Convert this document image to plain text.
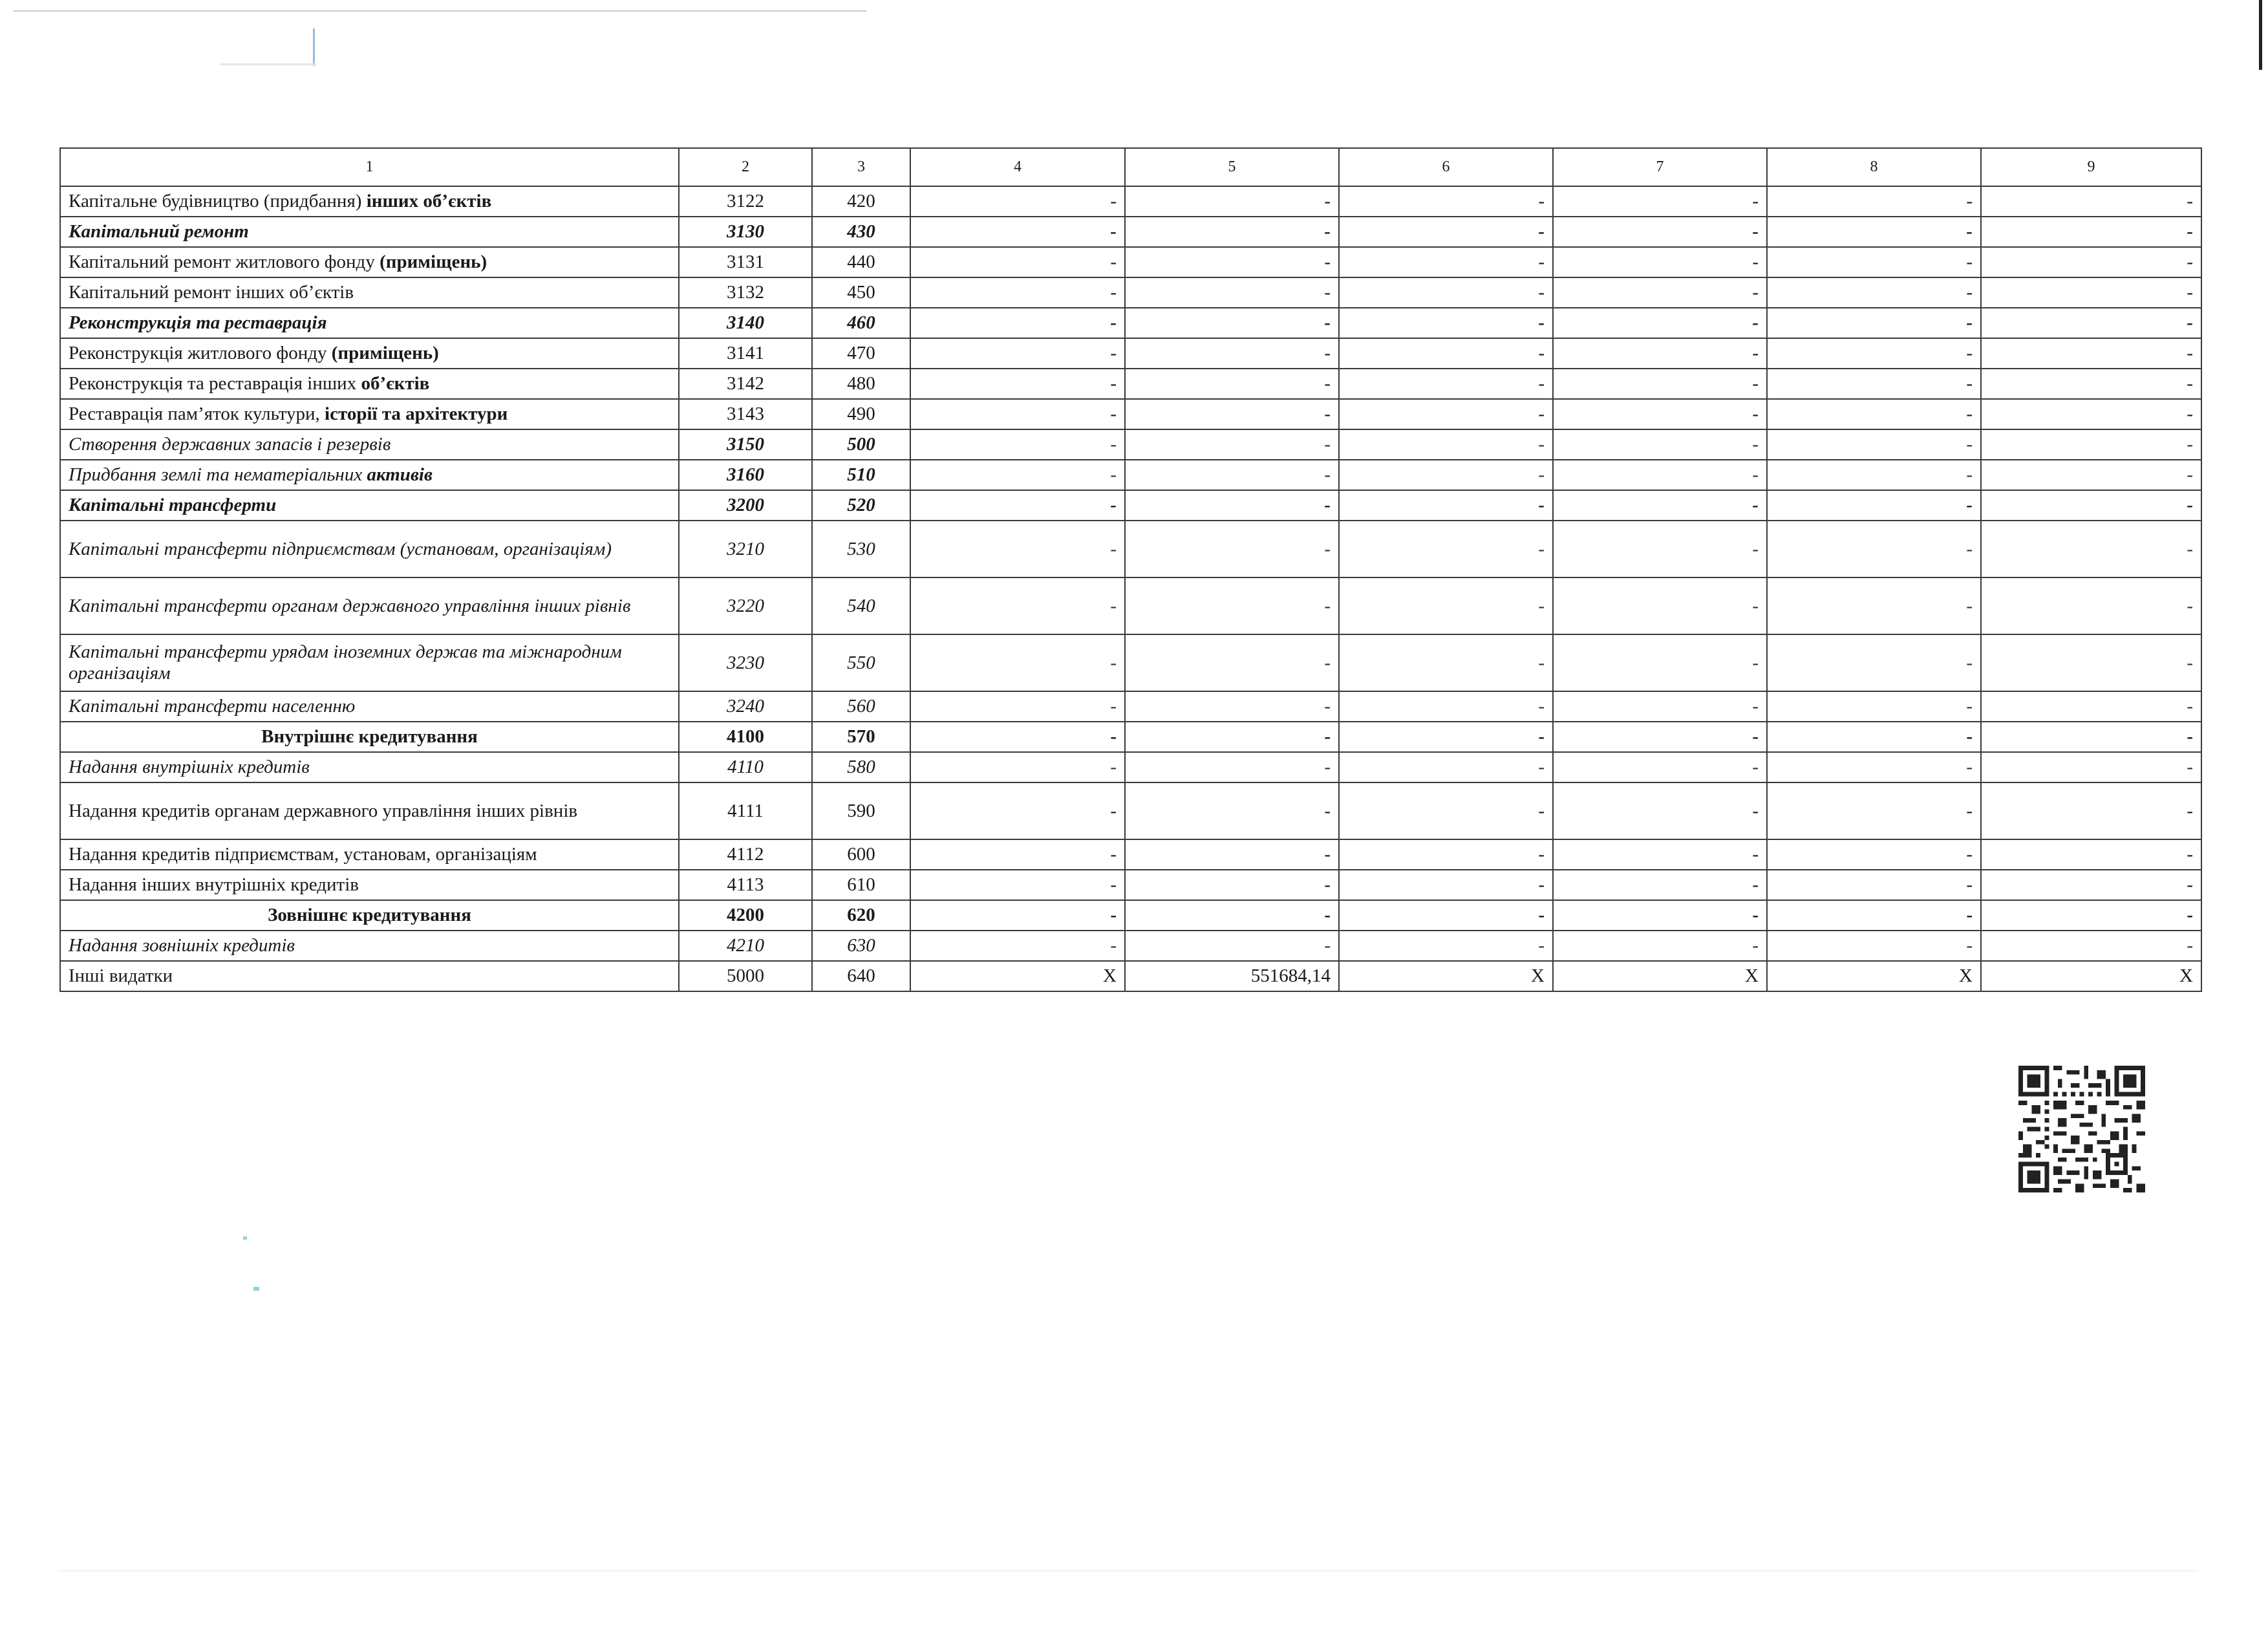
1	2	3	4	5	6	7	8	9
Капітальне будівництво (придбання) інших об’єктів	3122	420	-	-	-	-	-	-
Капітальний ремонт	3130	430	-	-	-	-	-	-
Капітальний ремонт житлового фонду (приміщень)	3131	440	-	-	-	-	-	-
Капітальний ремонт інших об’єктів	3132	450	-	-	-	-	-	-
Реконструкція та реставрація	3140	460	-	-	-	-	-	-
Реконструкція житлового фонду (приміщень)	3141	470	-	-	-	-	-	-
Реконструкція та реставрація інших об’єктів	3142	480	-	-	-	-	-	-
Реставрація пам’яток культури, історії та архітектури	3143	490	-	-	-	-	-	-
Створення державних запасів і резервів	3150	500	-	-	-	-	-	-
Придбання землі та нематеріальних активів	3160	510	-	-	-	-	-	-
Капітальні трансферти	3200	520	-	-	-	-	-	-
Капітальні трансферти підприємствам (установам, організаціям)	3210	530	-	-	-	-	-	-
Капітальні трансферти органам державного управління інших рівнів	3220	540	-	-	-	-	-	-
Капітальні трансферти урядам іноземних держав та міжнародним організаціям	3230	550	-	-	-	-	-	-
Капітальні трансферти населенню	3240	560	-	-	-	-	-	-
Внутрішнє кредитування	4100	570	-	-	-	-	-	-
Надання внутрішніх кредитів	4110	580	-	-	-	-	-	-
Надання кредитів органам державного управління інших рівнів	4111	590	-	-	-	-	-	-
Надання кредитів підприємствам, установам, організаціям	4112	600	-	-	-	-	-	-
Надання інших внутрішніх кредитів	4113	610	-	-	-	-	-	-
Зовнішнє кредитування	4200	620	-	-	-	-	-	-
Надання зовнішніх кредитів	4210	630	-	-	-	-	-	-
Інші видатки	5000	640	Х	551684,14	Х	Х	Х	Х
